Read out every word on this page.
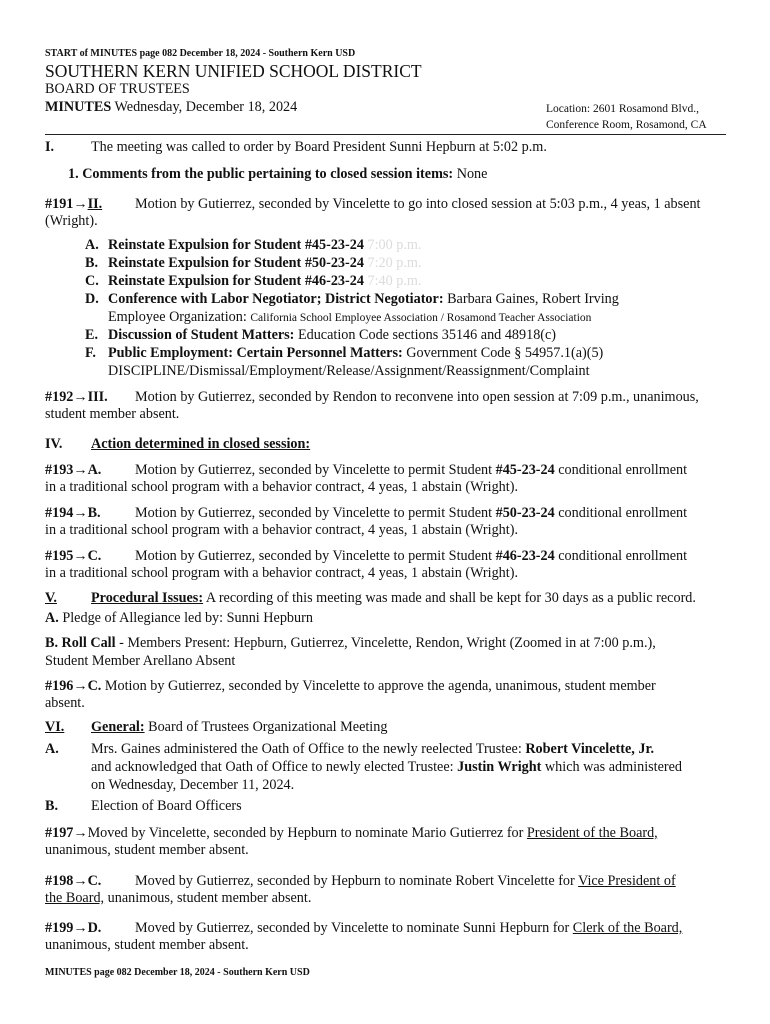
START of MINUTES page 082 December 18, 2024 - Southern Kern USD
SOUTHERN KERN UNIFIED SCHOOL DISTRICT
BOARD OF TRUSTEES
MINUTES Wednesday, December 18, 2024	Location: 2601 Rosamond Blvd.,
Conference Room, Rosamond, CA
I.	The meeting was called to order by Board President Sunni Hepburn at 5:02 p.m.
1. Comments from the public pertaining to closed session items: None
#191→II. Motion by Gutierrez, seconded by Vincelette to go into closed session at 5:03 p.m., 4 yeas, 1 absent
(Wright).
A. Reinstate Expulsion for Student #45-23-24 7:00 p.m.
B. Reinstate Expulsion for Student #50-23-24 7:20 p.m.
C. Reinstate Expulsion for Student #46-23-24 7:40 p.m.
D. Conference with Labor Negotiator; District Negotiator: Barbara Gaines, Robert Irving
Employee Organization: California School Employee Association / Rosamond Teacher Association
E. Discussion of Student Matters: Education Code sections 35146 and 48918(c)
F. Public Employment: Certain Personnel Matters: Government Code § 54957.1(a)(5)
DISCIPLINE/Dismissal/Employment/Release/Assignment/Reassignment/Complaint
#192→III. Motion by Gutierrez, seconded by Rendon to reconvene into open session at 7:09 p.m., unanimous,
student member absent.
IV. Action determined in closed session:
#193→A. Motion by Gutierrez, seconded by Vincelette to permit Student #45-23-24 conditional enrollment
in a traditional school program with a behavior contract, 4 yeas, 1 abstain (Wright).
#194→B. Motion by Gutierrez, seconded by Vincelette to permit Student #50-23-24 conditional enrollment
in a traditional school program with a behavior contract, 4 yeas, 1 abstain (Wright).
#195→C. Motion by Gutierrez, seconded by Vincelette to permit Student #46-23-24 conditional enrollment
in a traditional school program with a behavior contract, 4 yeas, 1 abstain (Wright).
V. Procedural Issues: A recording of this meeting was made and shall be kept for 30 days as a public record.
A. Pledge of Allegiance led by: Sunni Hepburn
B. Roll Call - Members Present: Hepburn, Gutierrez, Vincelette, Rendon, Wright (Zoomed in at 7:00 p.m.),
Student Member Arellano Absent
#196→C. Motion by Gutierrez, seconded by Vincelette to approve the agenda, unanimous, student member
absent.
VI. General: Board of Trustees Organizational Meeting
A. Mrs. Gaines administered the Oath of Office to the newly reelected Trustee: Robert Vincelette, Jr.
and acknowledged that Oath of Office to newly elected Trustee: Justin Wright which was administered
on Wednesday, December 11, 2024.
B. Election of Board Officers
#197→Moved by Vincelette, seconded by Hepburn to nominate Mario Gutierrez for President of the Board,
unanimous, student member absent.
#198→C. Moved by Gutierrez, seconded by Hepburn to nominate Robert Vincelette for Vice President of
the Board, unanimous, student member absent.
#199→D. Moved by Gutierrez, seconded by Vincelette to nominate Sunni Hepburn for Clerk of the Board,
unanimous, student member absent.
MINUTES page 082 December 18, 2024 - Southern Kern USD
